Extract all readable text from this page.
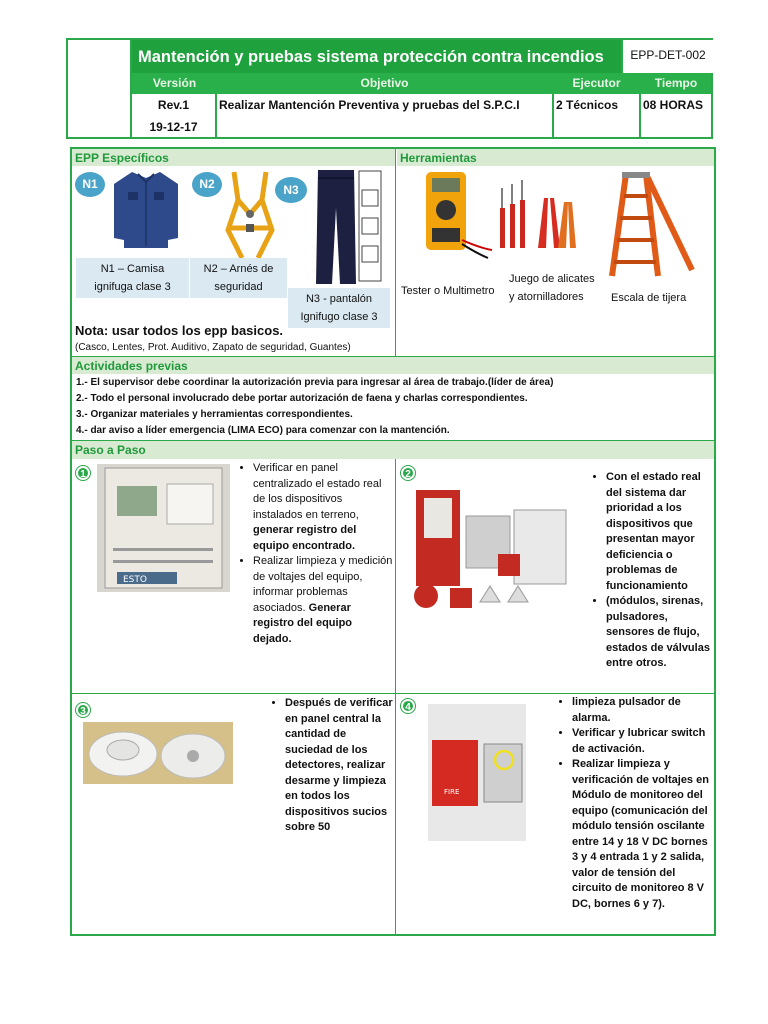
Mantención y pruebas sistema protección contra incendios	EPP-DET-002
Versión	Objetivo	Ejecutor	Tiempo
Rev.1
19-12-17
Realizar Mantención Preventiva y pruebas del S.P.C.I	2 Técnicos	08 HORAS
EPP Específicos	Herramientas
N1	N2	N3
N1 – Camisa ignifuga clase 3
N2 – Arnés de seguridad
N3 - pantalón Ignifugo clase 3
Nota: usar todos los epp basicos.
(Casco, Lentes, Prot. Auditivo, Zapato de seguridad, Guantes)
Tester o Multimetro
Juego de alicates y atornilladores	Escala de tijera
Actividades previas
1.- El supervisor debe coordinar la autorización previa para ingresar al área de trabajo.(líder de área)
2.- Todo el personal involucrado debe portar autorización de faena y charlas correspondientes.
3.- Organizar materiales y herramientas correspondientes.
4.- dar aviso a líder emergencia (LIMA ECO) para comenzar con la mantención.
Paso a Paso
1
ESTO
• Verificar en panel centralizado el estado real de los dispositivos instalados en terreno, generar registro del equipo encontrado.
• Realizar limpieza y medición de voltajes del equipo, informar problemas asociados. Generar registro del equipo dejado.
2
•	Con el estado real del sistema dar prioridad a los dispositivos que presentan mayor deficiencia o problemas de funcionamiento
• (módulos, sirenas, pulsadores, sensores de flujo, estados de válvulas entre otros.
3
• Después de verificar en panel central la cantidad de suciedad de los detectores, realizar desarme y limpieza en todos los dispositivos sucios sobre 50
4
FIRE
• limpieza pulsador de alarma.
• Verificar y lubricar switch de activación.
• Realizar limpieza y verificación de voltajes en Módulo de monitoreo del equipo (comunicación del módulo tensión oscilante entre 14 y 18 V DC bornes 3 y 4 entrada 1 y 2 salida, valor de tensión del circuito de monitoreo 8 V DC, bornes 6 y 7).
